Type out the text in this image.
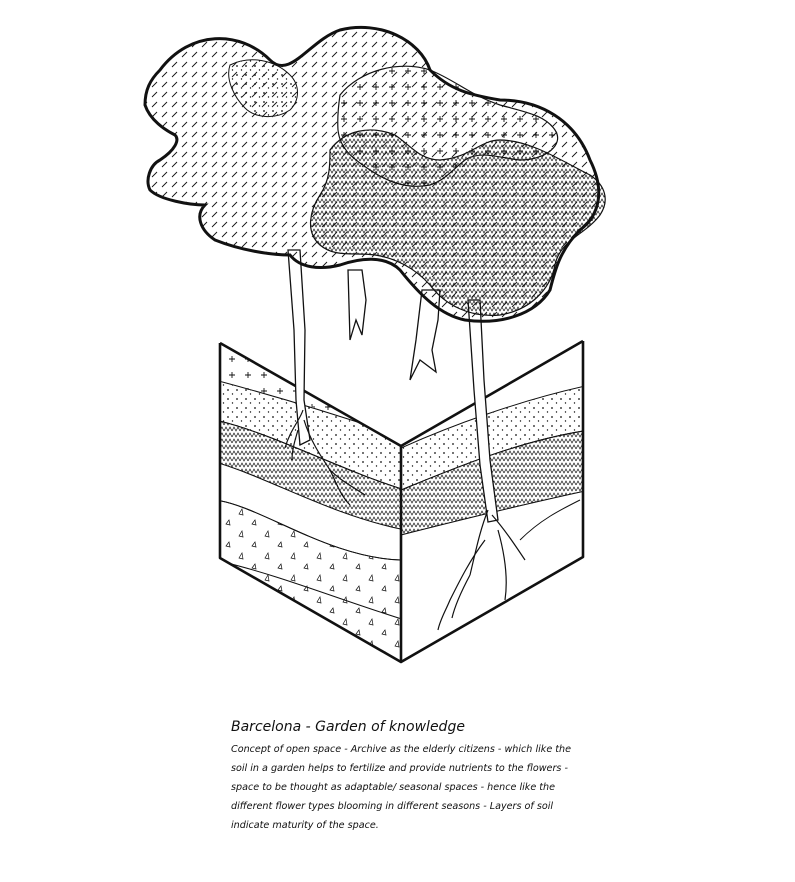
Barcelona - Garden of knowledge

Concept of open space - Archive as the elderly citizens - which like the soil in a garden helps to fertilize and provide nutrients to the flowers - space to be thought as adaptable/ seasonal spaces - hence like the different flower types blooming in different seasons - Layers of soil indicate maturity of the space.
